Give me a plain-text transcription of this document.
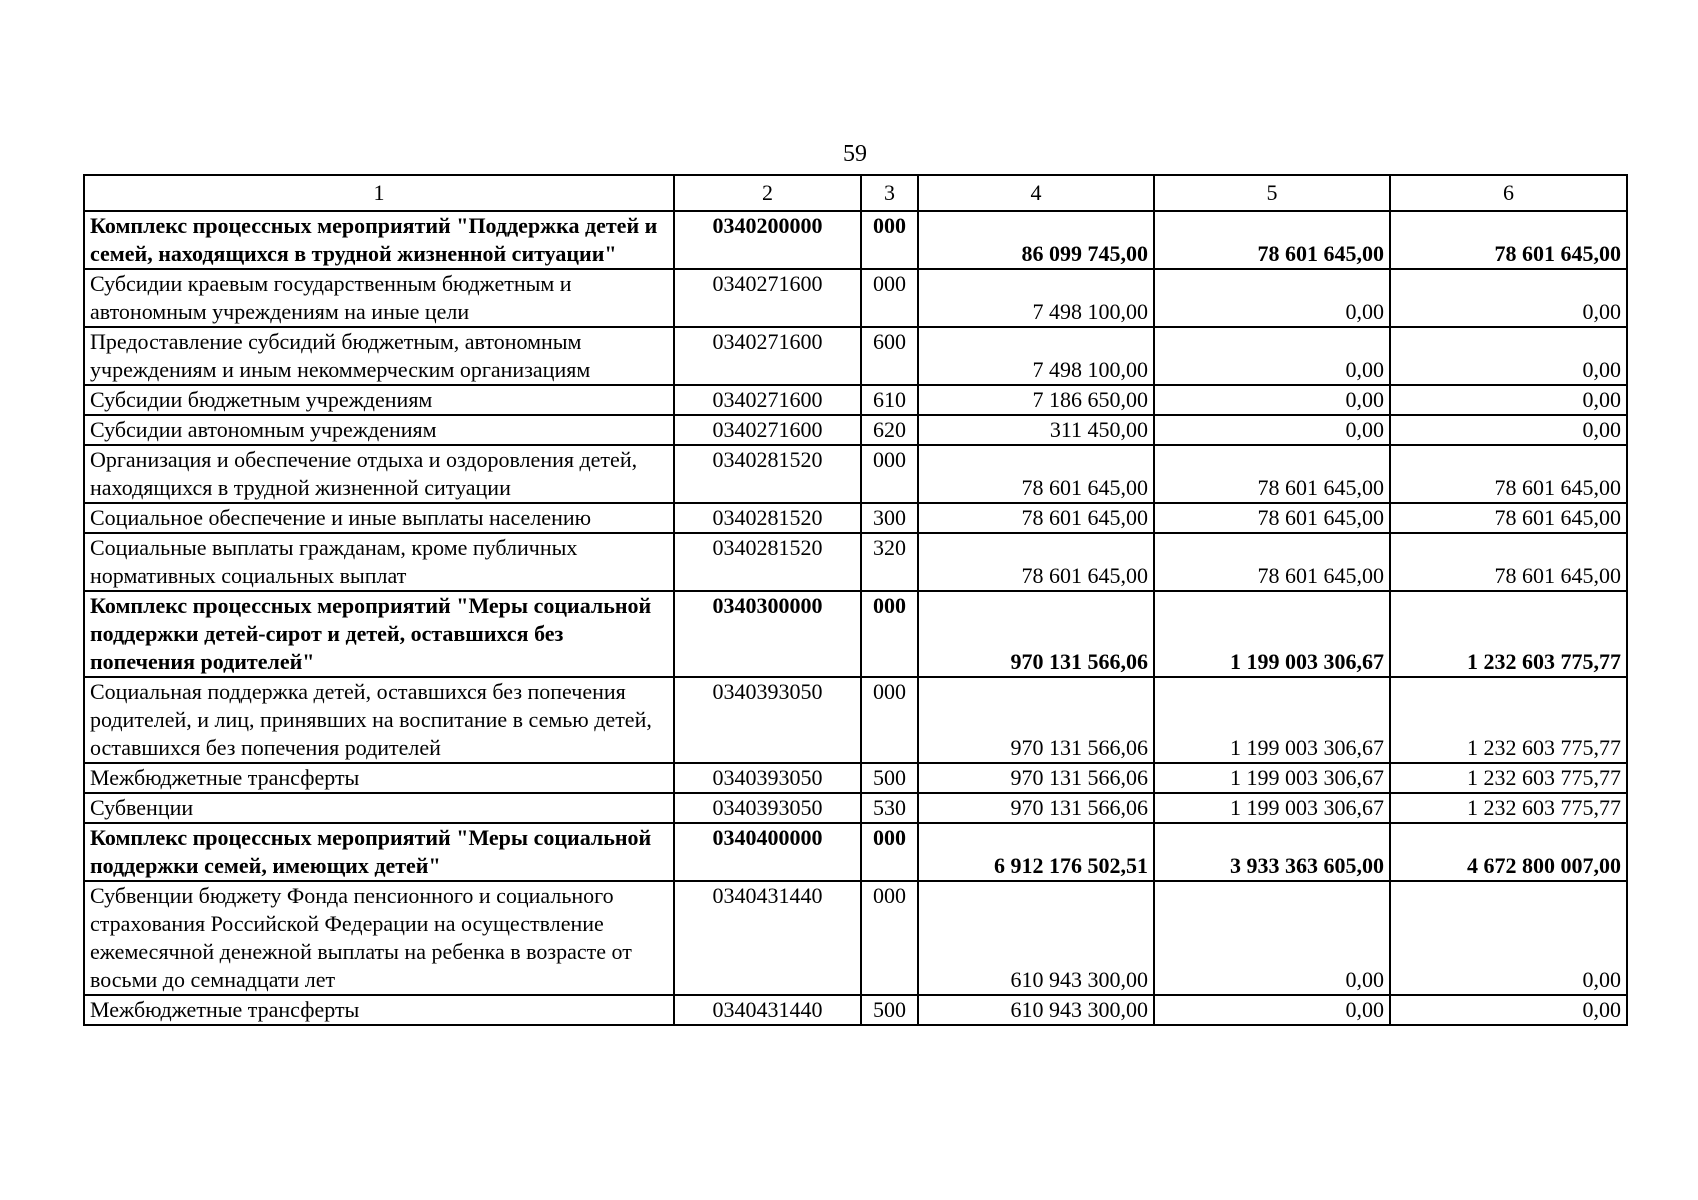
59
1	2	3	4	5	6
Комплекс процессных мероприятий "Поддержка детей и семей, находящихся в трудной жизненной ситуации"	0340200000	000	86 099 745,00	78 601 645,00	78 601 645,00
Субсидии краевым государственным бюджетным и автономным учреждениям на иные цели	0340271600	000	7 498 100,00	0,00	0,00
Предоставление субсидий бюджетным, автономным учреждениям и иным некоммерческим организациям	0340271600	600	7 498 100,00	0,00	0,00
Субсидии бюджетным учреждениям	0340271600	610	7 186 650,00	0,00	0,00
Субсидии автономным учреждениям	0340271600	620	311 450,00	0,00	0,00
Организация и обеспечение отдыха и оздоровления детей, находящихся в трудной жизненной ситуации	0340281520	000	78 601 645,00	78 601 645,00	78 601 645,00
Социальное обеспечение и иные выплаты населению	0340281520	300	78 601 645,00	78 601 645,00	78 601 645,00
Социальные выплаты гражданам, кроме публичных нормативных социальных выплат	0340281520	320	78 601 645,00	78 601 645,00	78 601 645,00
Комплекс процессных мероприятий "Меры социальной поддержки детей-сирот и детей, оставшихся без попечения родителей"	0340300000	000	970 131 566,06	1 199 003 306,67	1 232 603 775,77
Социальная поддержка детей, оставшихся без попечения родителей, и лиц, принявших на воспитание в семью детей, оставшихся без попечения родителей	0340393050	000	970 131 566,06	1 199 003 306,67	1 232 603 775,77
Межбюджетные трансферты	0340393050	500	970 131 566,06	1 199 003 306,67	1 232 603 775,77
Субвенции	0340393050	530	970 131 566,06	1 199 003 306,67	1 232 603 775,77
Комплекс процессных мероприятий "Меры социальной поддержки семей, имеющих детей"	0340400000	000	6 912 176 502,51	3 933 363 605,00	4 672 800 007,00
Субвенции бюджету Фонда пенсионного и социального страхования Российской Федерации на осуществление ежемесячной денежной выплаты на ребенка в возрасте от восьми до семнадцати лет	0340431440	000	610 943 300,00	0,00	0,00
Межбюджетные трансферты	0340431440	500	610 943 300,00	0,00	0,00
